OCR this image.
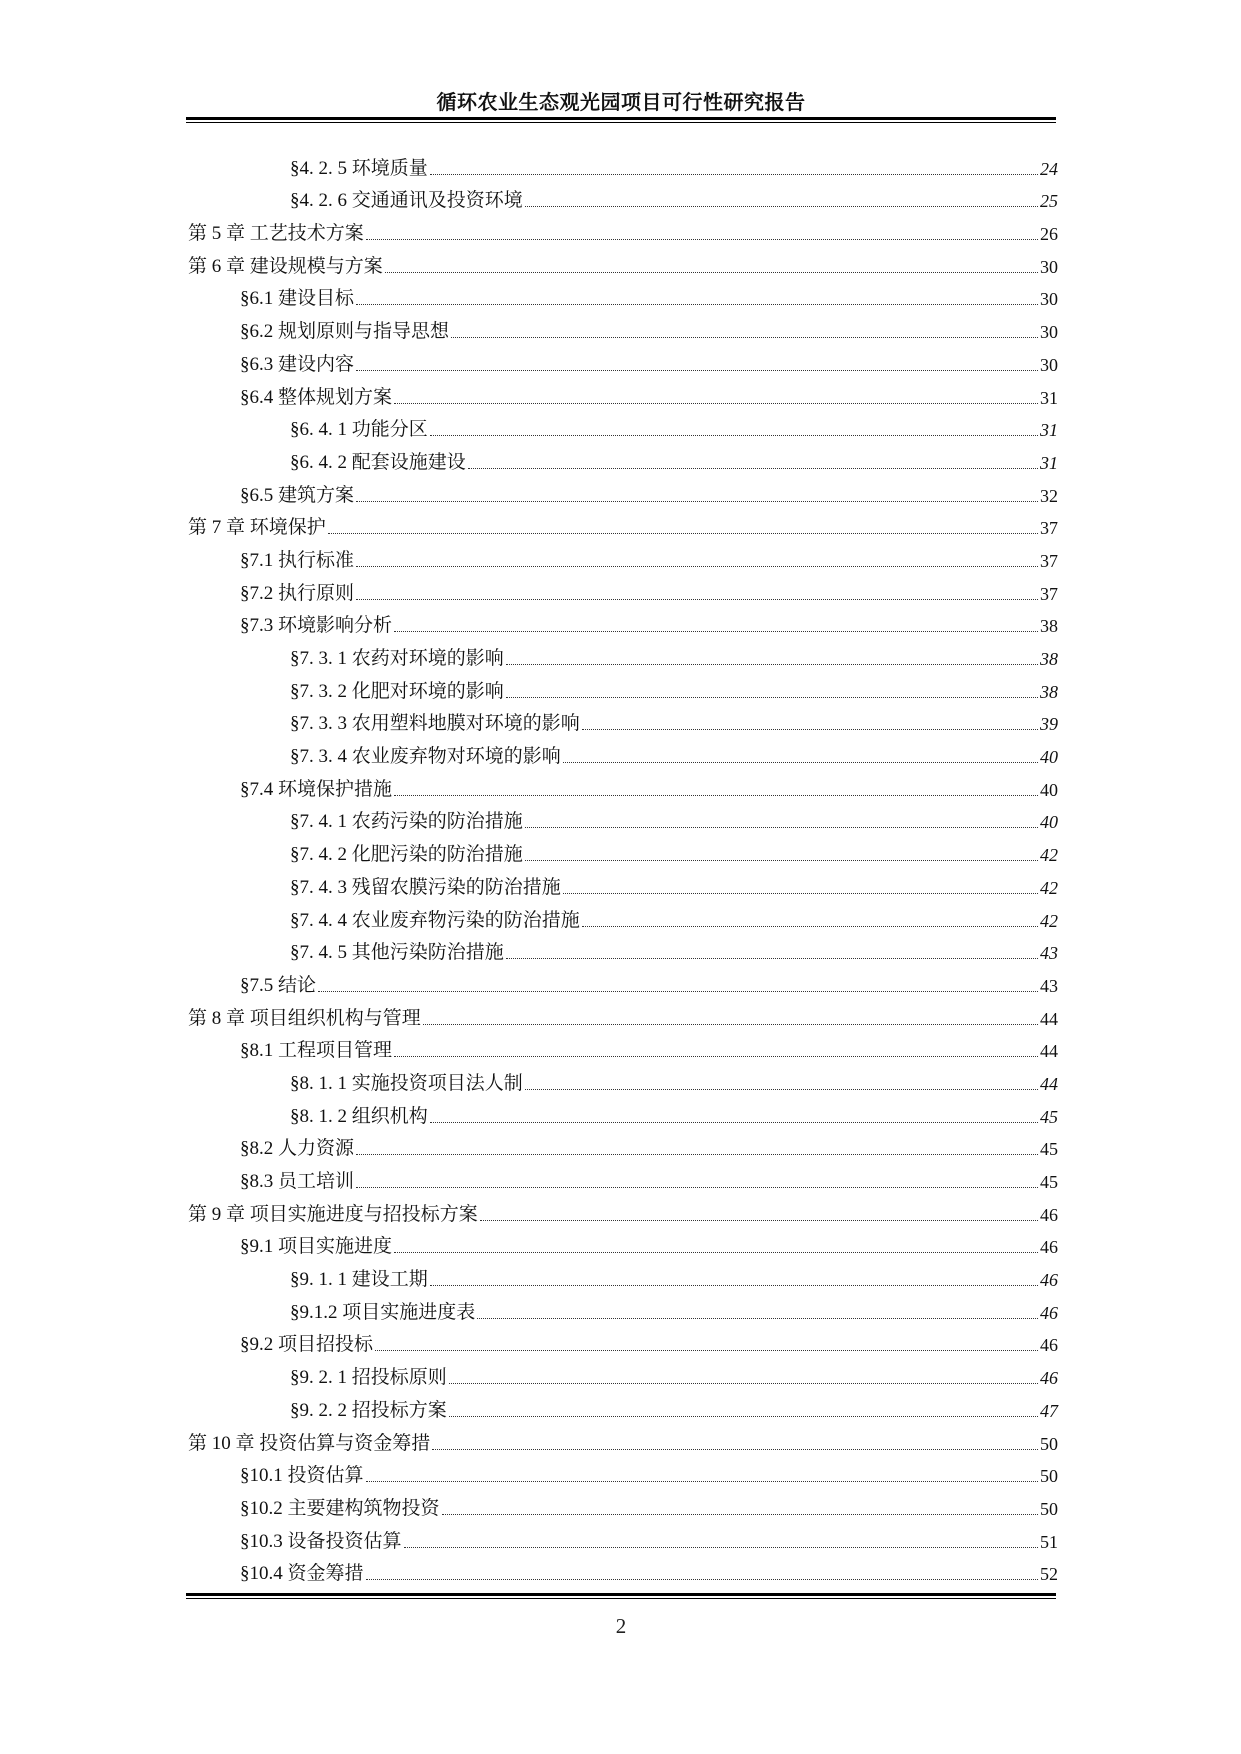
循环农业生态观光园项目可行性研究报告
§4. 2. 5 环境质量	24
§4. 2. 6 交通通讯及投资环境	25
第 5 章 工艺技术方案	26
第 6 章 建设规模与方案	30
§6.1 建设目标	30
§6.2 规划原则与指导思想	30
§6.3 建设内容	30
§6.4 整体规划方案	31
§6. 4. 1 功能分区	31
§6. 4. 2 配套设施建设	31
§6.5 建筑方案	32
第 7 章 环境保护	37
§7.1 执行标准	37
§7.2 执行原则	37
§7.3 环境影响分析	38
§7. 3. 1 农药对环境的影响	38
§7. 3. 2 化肥对环境的影响	38
§7. 3. 3 农用塑料地膜对环境的影响	39
§7. 3. 4 农业废弃物对环境的影响	40
§7.4 环境保护措施	40
§7. 4. 1 农药污染的防治措施	40
§7. 4. 2 化肥污染的防治措施	42
§7. 4. 3 残留农膜污染的防治措施	42
§7. 4. 4 农业废弃物污染的防治措施	42
§7. 4. 5 其他污染防治措施	43
§7.5 结论	43
第 8 章 项目组织机构与管理	44
§8.1 工程项目管理	44
§8. 1. 1 实施投资项目法人制	44
§8. 1. 2 组织机构	45
§8.2 人力资源	45
§8.3 员工培训	45
第 9 章 项目实施进度与招投标方案	46
§9.1 项目实施进度	46
§9. 1. 1 建设工期	46
§9.1.2 项目实施进度表	46
§9.2 项目招投标	46
§9. 2. 1 招投标原则	46
§9. 2. 2 招投标方案	47
第 10 章 投资估算与资金筹措	50
§10.1 投资估算	50
§10.2 主要建构筑物投资	50
§10.3 设备投资估算	51
§10.4 资金筹措	52
2
